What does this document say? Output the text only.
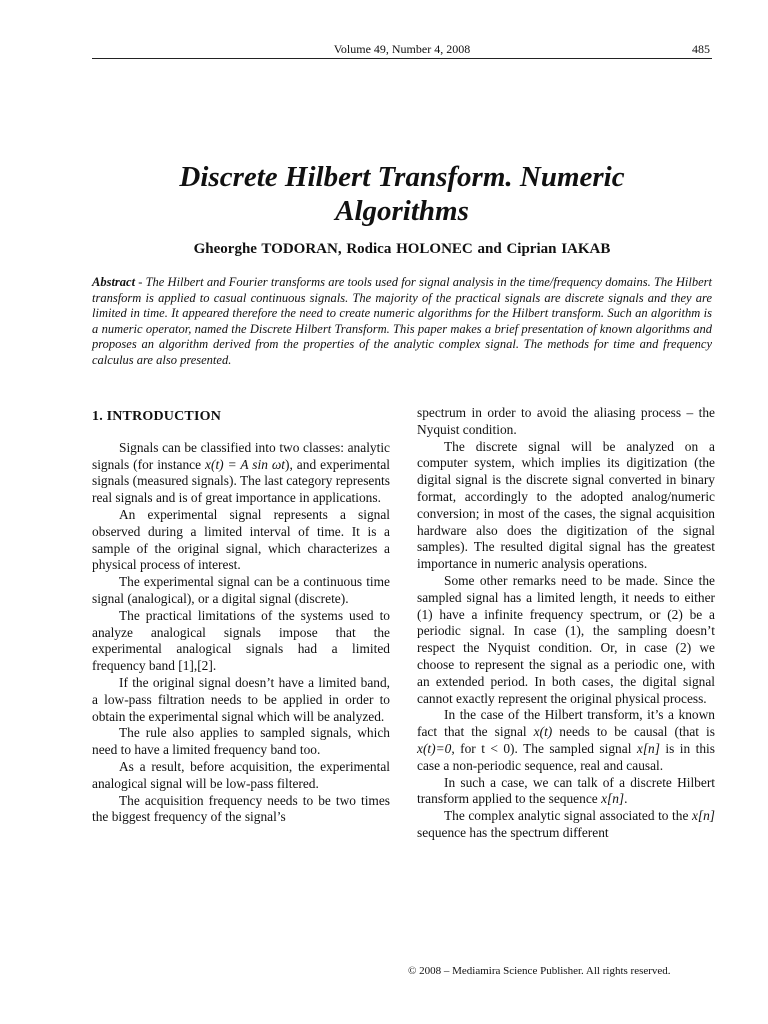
Volume 49, Number 4, 2008	485
Discrete Hilbert Transform. Numeric
Algorithms
Gheorghe TODORAN, Rodica HOLONEC and Ciprian IAKAB
Abstract - The Hilbert and Fourier transforms are tools used for signal analysis in the time/frequency domains. The Hilbert transform is applied to casual continuous signals. The majority of the practical signals are discrete signals and they are limited in time. It appeared therefore the need to create numeric algorithms for the Hilbert transform. Such an algorithm is a numeric operator, named the Discrete Hilbert Transform. This paper makes a brief presentation of known algorithms and proposes an algorithm derived from the properties of the analytic complex signal. The methods for time and frequency calculus are also presented.
1. INTRODUCTION

Signals can be classified into two classes: analytic signals (for instance x(t) = A sin ωt), and experimental signals (measured signals). The last category represents real signals and is of great importance in applications.

An experimental signal represents a signal observed during a limited interval of time. It is a sample of the original signal, which characterizes a physical process of interest.

The experimental signal can be a continuous time signal (analogical), or a digital signal (discrete).

The practical limitations of the systems used to analyze analogical signals impose that the experimental analogical signals had a limited frequency band [1],[2].

If the original signal doesn’t have a limited band, a low-pass filtration needs to be applied in order to obtain the experimental signal which will be analyzed.

The rule also applies to sampled signals, which need to have a limited frequency band too.

As a result, before acquisition, the experimental analogical signal will be low-pass filtered.

The acquisition frequency needs to be two times the biggest frequency of the signal’s

spectrum in order to avoid the aliasing process – the Nyquist condition.

The discrete signal will be analyzed on a computer system, which implies its digitization (the digital signal is the discrete signal converted in binary format, accordingly to the adopted analog/numeric conversion; in most of the cases, the signal acquisition hardware also does the digitization of the signal samples). The resulted digital signal has the greatest importance in numeric analysis operations.

Some other remarks need to be made. Since the sampled signal has a limited length, it needs to either (1) have a infinite frequency spectrum, or (2) be a periodic signal. In case (1), the sampling doesn’t respect the Nyquist condition. Or, in case (2) we choose to represent the signal as a periodic one, with an extended period. In both cases, the digital signal cannot exactly represent the original physical process.

In the case of the Hilbert transform, it’s a known fact that the signal x(t) needs to be causal (that is x(t)=0, for t < 0). The sampled signal x[n] is in this case a non-periodic sequence, real and causal.

In such a case, we can talk of a discrete Hilbert transform applied to the sequence x[n].

The complex analytic signal associated to the x[n] sequence has the spectrum different

© 2008 – Mediamira Science Publisher. All rights reserved.
